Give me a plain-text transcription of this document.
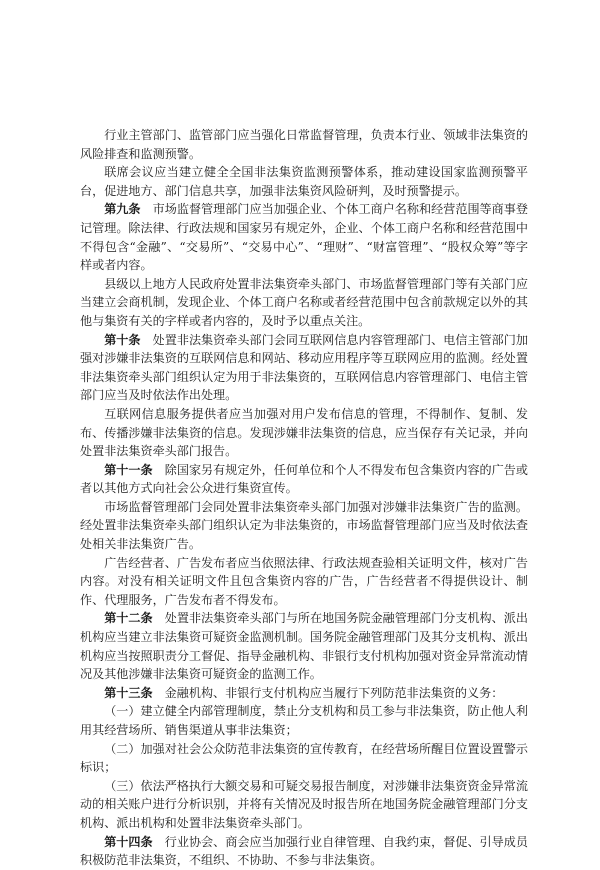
行业主管部门、监管部门应当强化日常监督管理，负责本行业、领域非法集资的风险排查和监测预警。

联席会议应当建立健全全国非法集资监测预警体系，推动建设国家监测预警平台，促进地方、部门信息共享，加强非法集资风险研判，及时预警提示。

第九条　市场监督管理部门应当加强企业、个体工商户名称和经营范围等商事登记管理。除法律、行政法规和国家另有规定外，企业、个体工商户名称和经营范围中不得包含“金融”、“交易所”、“交易中心”、“理财”、“财富管理”、“股权众筹”等字样或者内容。

县级以上地方人民政府处置非法集资牵头部门、市场监督管理部门等有关部门应当建立会商机制，发现企业、个体工商户名称或者经营范围中包含前款规定以外的其他与集资有关的字样或者内容的，及时予以重点关注。

第十条　处置非法集资牵头部门会同互联网信息内容管理部门、电信主管部门加强对涉嫌非法集资的互联网信息和网站、移动应用程序等互联网应用的监测。经处置非法集资牵头部门组织认定为用于非法集资的，互联网信息内容管理部门、电信主管部门应当及时依法作出处理。

互联网信息服务提供者应当加强对用户发布信息的管理，不得制作、复制、发布、传播涉嫌非法集资的信息。发现涉嫌非法集资的信息，应当保存有关记录，并向处置非法集资牵头部门报告。

第十一条　除国家另有规定外，任何单位和个人不得发布包含集资内容的广告或者以其他方式向社会公众进行集资宣传。

市场监督管理部门会同处置非法集资牵头部门加强对涉嫌非法集资广告的监测。经处置非法集资牵头部门组织认定为非法集资的，市场监督管理部门应当及时依法查处相关非法集资广告。

广告经营者、广告发布者应当依照法律、行政法规查验相关证明文件，核对广告内容。对没有相关证明文件且包含集资内容的广告，广告经营者不得提供设计、制作、代理服务，广告发布者不得发布。

第十二条　处置非法集资牵头部门与所在地国务院金融管理部门分支机构、派出机构应当建立非法集资可疑资金监测机制。国务院金融管理部门及其分支机构、派出机构应当按照职责分工督促、指导金融机构、非银行支付机构加强对资金异常流动情况及其他涉嫌非法集资可疑资金的监测工作。

第十三条　金融机构、非银行支付机构应当履行下列防范非法集资的义务：

（一）建立健全内部管理制度，禁止分支机构和员工参与非法集资，防止他人利用其经营场所、销售渠道从事非法集资；

（二）加强对社会公众防范非法集资的宣传教育，在经营场所醒目位置设置警示标识；

（三）依法严格执行大额交易和可疑交易报告制度，对涉嫌非法集资资金异常流动的相关账户进行分析识别，并将有关情况及时报告所在地国务院金融管理部门分支机构、派出机构和处置非法集资牵头部门。

第十四条　行业协会、商会应当加强行业自律管理、自我约束，督促、引导成员积极防范非法集资，不组织、不协助、不参与非法集资。
